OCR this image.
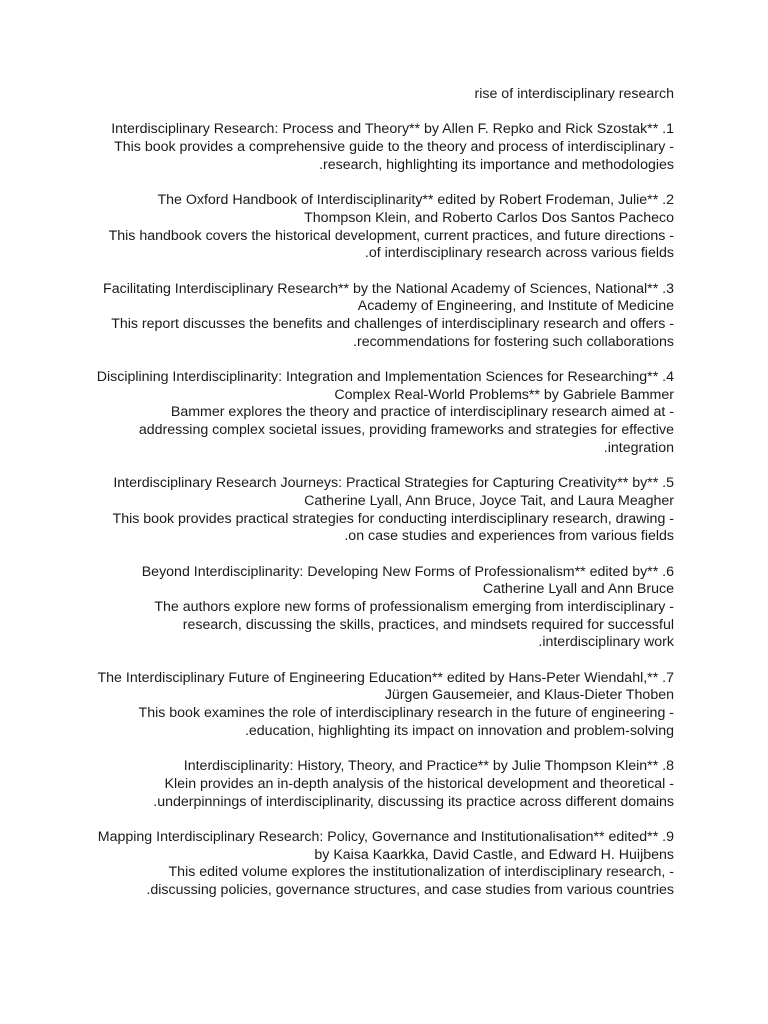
rise of interdisciplinary research
Interdisciplinary Research: Process and Theory** by Allen F. Repko and Rick Szostak** .1
This book provides a comprehensive guide to the theory and process of interdisciplinary -
.research, highlighting its importance and methodologies
The Oxford Handbook of Interdisciplinarity** edited by Robert Frodeman, Julie** .2
Thompson Klein, and Roberto Carlos Dos Santos Pacheco
This handbook covers the historical development, current practices, and future directions -
.of interdisciplinary research across various fields
Facilitating Interdisciplinary Research** by the National Academy of Sciences, National** .3
Academy of Engineering, and Institute of Medicine
This report discusses the benefits and challenges of interdisciplinary research and offers -
.recommendations for fostering such collaborations
Disciplining Interdisciplinarity: Integration and Implementation Sciences for Researching** .4
Complex Real-World Problems** by Gabriele Bammer
Bammer explores the theory and practice of interdisciplinary research aimed at -
addressing complex societal issues, providing frameworks and strategies for effective
.integration
Interdisciplinary Research Journeys: Practical Strategies for Capturing Creativity** by** .5
Catherine Lyall, Ann Bruce, Joyce Tait, and Laura Meagher
This book provides practical strategies for conducting interdisciplinary research, drawing -
.on case studies and experiences from various fields
Beyond Interdisciplinarity: Developing New Forms of Professionalism** edited by** .6
Catherine Lyall and Ann Bruce
The authors explore new forms of professionalism emerging from interdisciplinary -
research, discussing the skills, practices, and mindsets required for successful
.interdisciplinary work
The Interdisciplinary Future of Engineering Education** edited by Hans-Peter Wiendahl,** .7
Jürgen Gausemeier, and Klaus-Dieter Thoben
This book examines the role of interdisciplinary research in the future of engineering -
.education, highlighting its impact on innovation and problem-solving
Interdisciplinarity: History, Theory, and Practice** by Julie Thompson Klein** .8
Klein provides an in-depth analysis of the historical development and theoretical -
.underpinnings of interdisciplinarity, discussing its practice across different domains
Mapping Interdisciplinary Research: Policy, Governance and Institutionalisation** edited** .9
by Kaisa Kaarkka, David Castle, and Edward H. Huijbens
This edited volume explores the institutionalization of interdisciplinary research, -
.discussing policies, governance structures, and case studies from various countries
